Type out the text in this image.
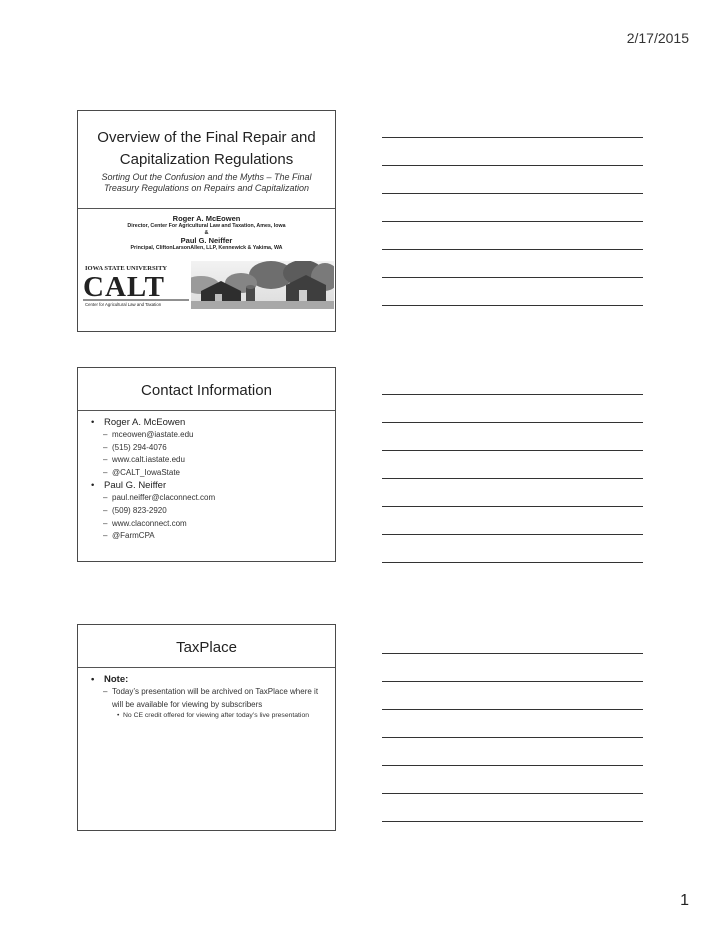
2/17/2015
Overview of the Final Repair and Capitalization Regulations
Sorting Out the Confusion and the Myths – The Final Treasury Regulations on Repairs and Capitalization
Roger A. McEowen
Director, Center For Agricultural Law and Taxation, Ames, Iowa
&
Paul G. Neiffer
Principal, CliftonLarsonAllen, LLP, Kennewick & Yakima, WA
IOWA STATE UNIVERSITY
CALT
Center for Agricultural Law and Taxation
Contact Information
• Roger A. McEowen
– mceowen@iastate.edu
– (515) 294-4076
– www.calt.iastate.edu
– @CALT_IowaState
• Paul G. Neiffer
– paul.neiffer@claconnect.com
– (509) 823-2920
– www.claconnect.com
– @FarmCPA
TaxPlace
• Note:
– Today’s presentation will be archived on TaxPlace where it will be available for viewing by subscribers
• No CE credit offered for viewing after today’s live presentation
1
